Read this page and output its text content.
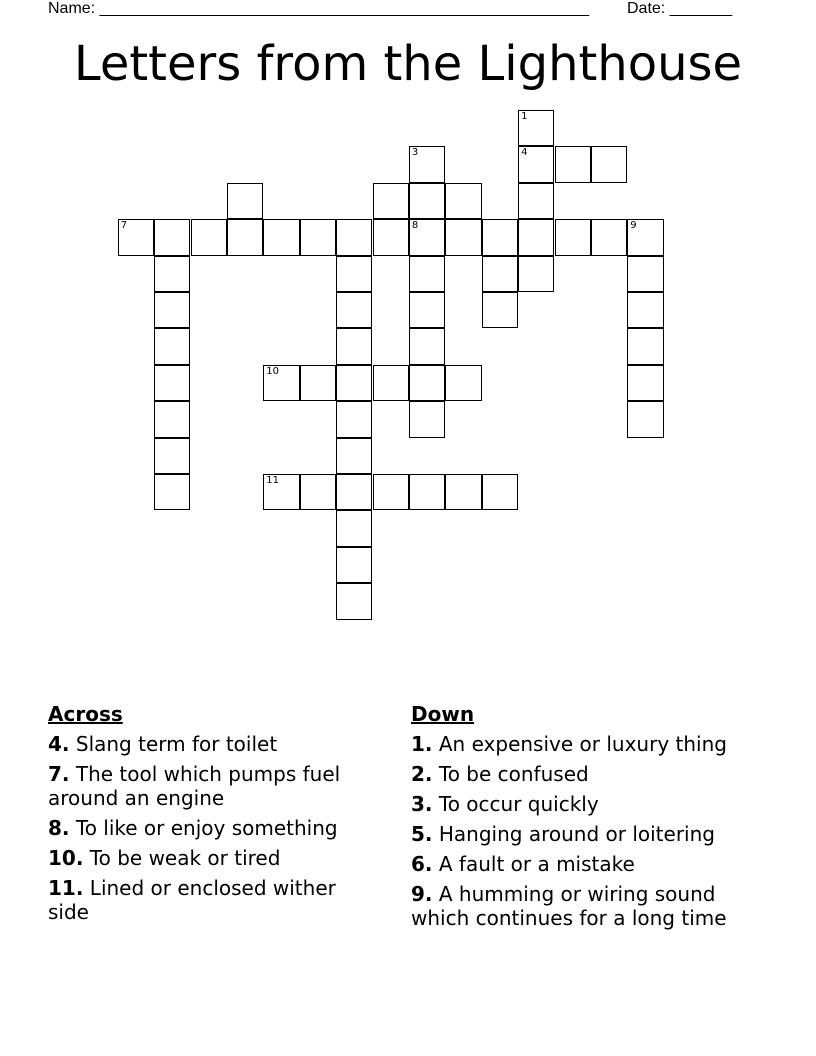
Name: _______________________________________________________ Date: _______
Letters from the Lighthouse
1
3	4
7	8	9
10
11
Across
4. Slang term for toilet
7. The tool which pumps fuel around an engine
8. To like or enjoy something
10. To be weak or tired
11. Lined or enclosed wither side
Down
1. An expensive or luxury thing
2. To be confused
3. To occur quickly
5. Hanging around or loitering
6. A fault or a mistake
9. A humming or wiring sound which continues for a long time
